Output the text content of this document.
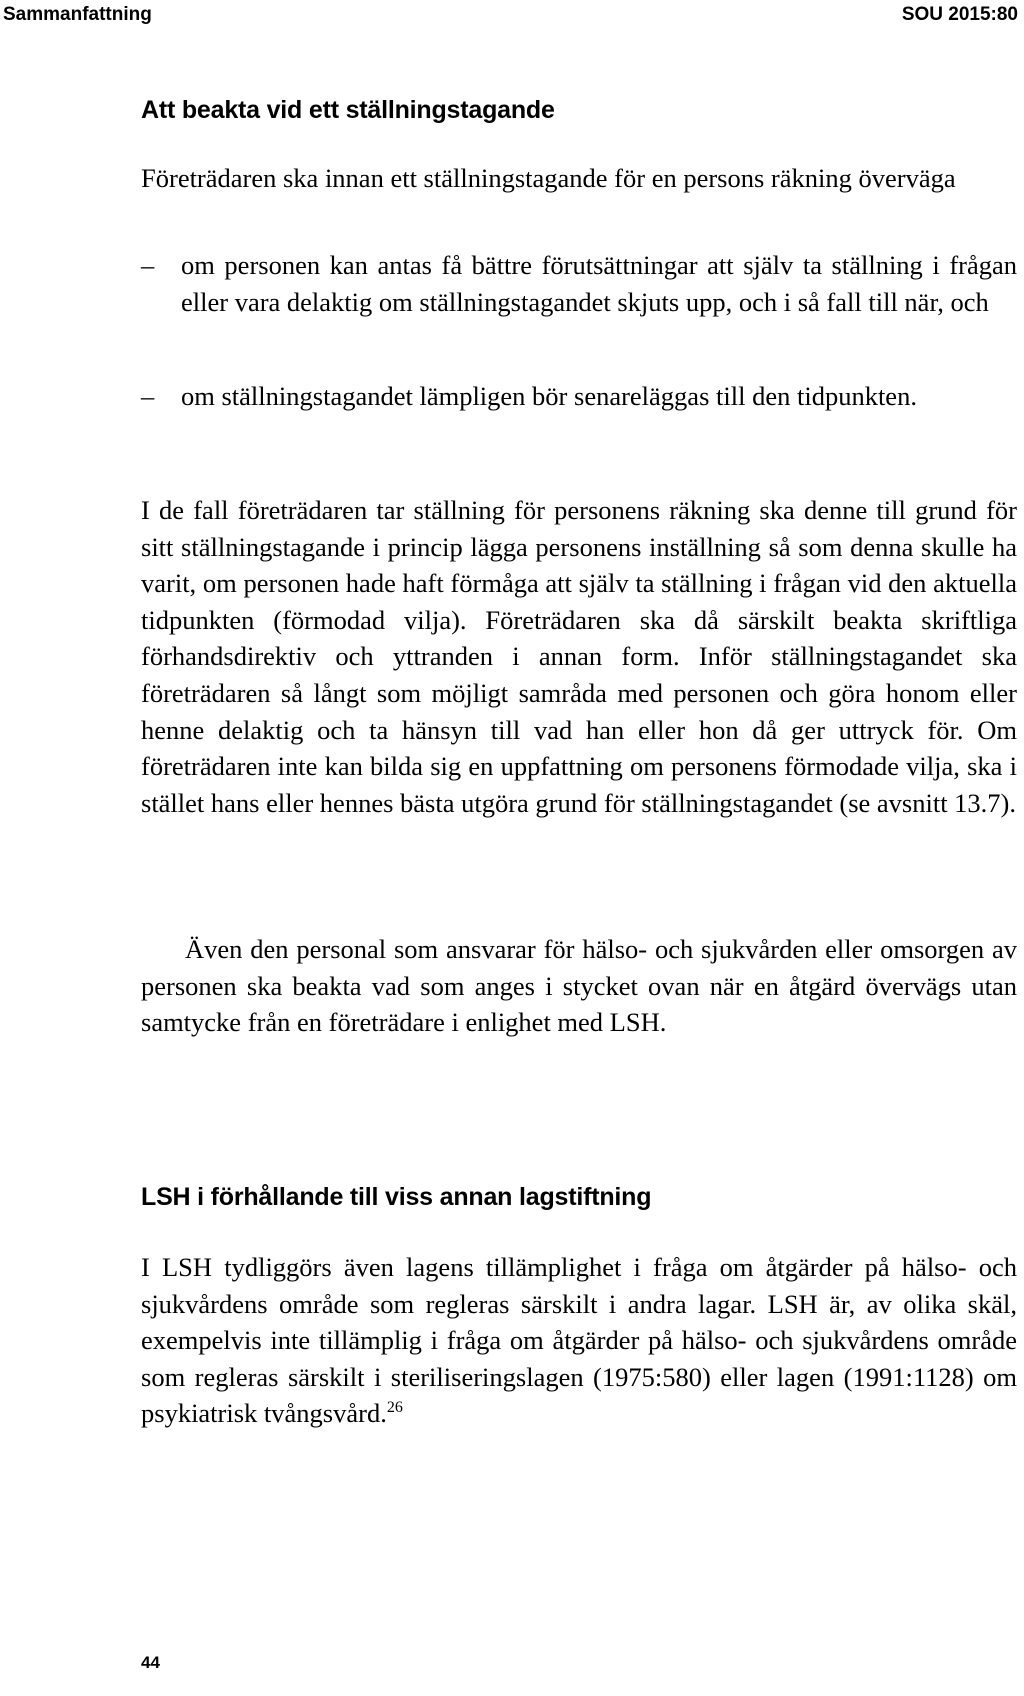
Sammanfattning	SOU 2015:80
Att beakta vid ett ställningstagande

Företrädaren ska innan ett ställningstagande för en persons räkning överväga

– om personen kan antas få bättre förutsättningar att själv ta ställning i frågan eller vara delaktig om ställningstagandet skjuts upp, och i så fall till när, och
– om ställningstagandet lämpligen bör senareläggas till den tidpunkten.

I de fall företrädaren tar ställning för personens räkning ska denne till grund för sitt ställningstagande i princip lägga personens inställning så som denna skulle ha varit, om personen hade haft förmåga att själv ta ställning i frågan vid den aktuella tidpunkten (förmodad vilja). Företrädaren ska då särskilt beakta skriftliga förhandsdirektiv och yttranden i annan form. Inför ställningstagandet ska företrädaren så långt som möjligt samråda med personen och göra honom eller henne delaktig och ta hänsyn till vad han eller hon då ger uttryck för. Om företrädaren inte kan bilda sig en uppfattning om personens förmodade vilja, ska i stället hans eller hennes bästa utgöra grund för ställningstagandet (se avsnitt 13.7).

Även den personal som ansvarar för hälso- och sjukvården eller omsorgen av personen ska beakta vad som anges i stycket ovan när en åtgärd övervägs utan samtycke från en företrädare i enlighet med LSH.

LSH i förhållande till viss annan lagstiftning

I LSH tydliggörs även lagens tillämplighet i fråga om åtgärder på hälso- och sjukvårdens område som regleras särskilt i andra lagar. LSH är, av olika skäl, exempelvis inte tillämplig i fråga om åtgärder på hälso- och sjukvårdens område som regleras särskilt i steriliseringslagen (1975:580) eller lagen (1991:1128) om psykiatrisk tvångsvård.$^{26}$

44
